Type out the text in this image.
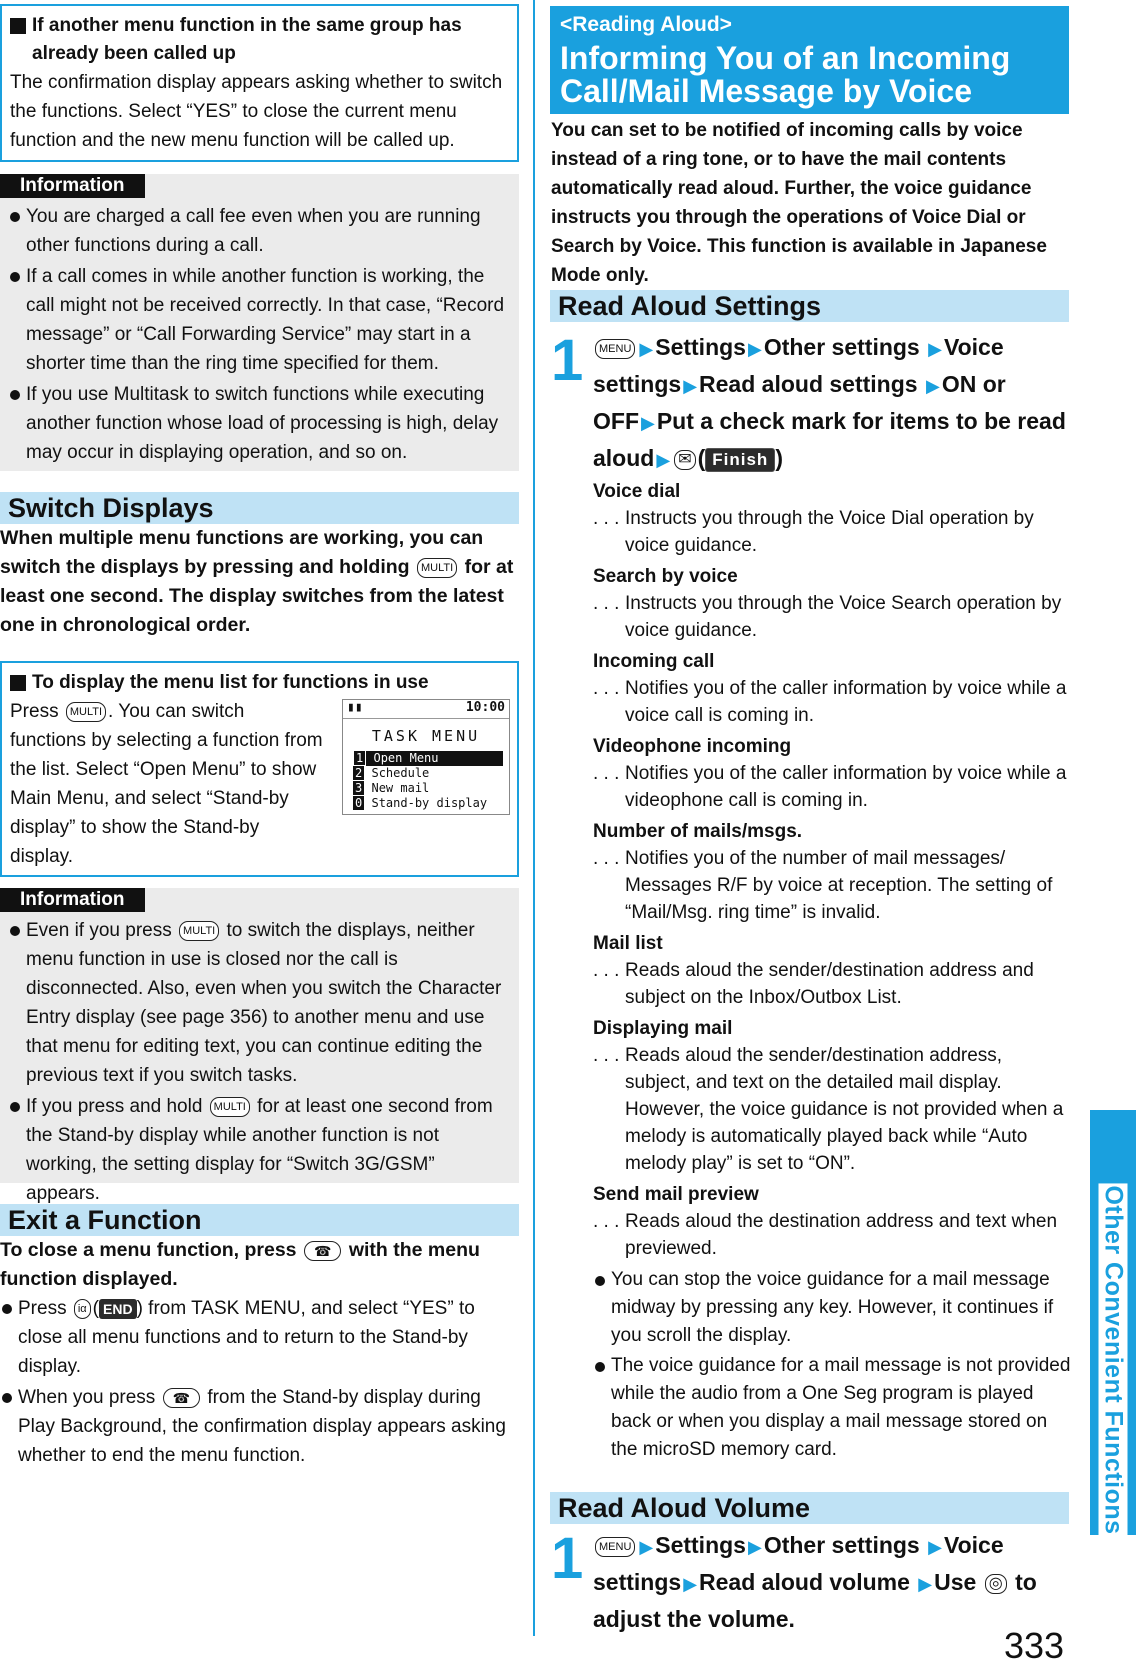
If another menu function in the same group has already been called up
The confirmation display appears asking whether to switch the functions. Select “YES” to close the current menu function and the new menu function will be called up.
Information
You are charged a call fee even when you are running other functions during a call.
If a call comes in while another function is working, the call might not be received correctly. In that case, “Record message” or “Call Forwarding Service” may start in a shorter time than the ring time specified for them.
If you use Multitask to switch functions while executing another function whose load of processing is high, delay may occur in displaying operation, and so on.
Switch Displays
When multiple menu functions are working, you can switch the displays by pressing and holding MULTI for at least one second. The display switches from the latest one in chronological order.
To display the menu list for functions in use
Press MULTI . You can switch functions by selecting a function from the list. Select “Open Menu” to show Main Menu, and select “Stand-by display” to show the Stand-by display.
▮▮	10:00
TASK MENU
1 Open Menu
2 Schedule
3 New mail
0 Stand-by display
Information
Even if you press MULTI to switch the displays, neither menu function in use is closed nor the call is disconnected. Also, even when you switch the Character Entry display (see page 356) to another menu and use that menu for editing text, you can continue editing the previous text if you switch tasks.
If you press and hold MULTI for at least one second from the Stand-by display while another function is not working, the setting display for “Switch 3G/GSM” appears.
Exit a Function
To close a menu function, press ☎ with the menu function displayed.
Press iα ( END ) from TASK MENU, and select “YES” to close all menu functions and to return to the Stand-by display.
When you press ☎ from the Stand-by display during Play Background, the confirmation display appears asking whether to end the menu function.
<Reading Aloud>
Informing You of an Incoming Call/Mail Message by Voice
You can set to be notified of incoming calls by voice instead of a ring tone, or to have the mail contents automatically read aloud. Further, the voice guidance instructs you through the operations of Voice Dial or Search by Voice. This function is available in Japanese Mode only.
Read Aloud Settings
1	MENU ▶Settings ▶Other settings ▶Voice settings ▶Read aloud settings ▶ON or OFF ▶Put a check mark for items to be read aloud ▶ ✉ ( Finish )
Voice dial
. . . Instructs you through the Voice Dial operation by voice guidance.
Search by voice
. . . Instructs you through the Voice Search operation by voice guidance.
Incoming call
. . . Notifies you of the caller information by voice while a voice call is coming in.
Videophone incoming
. . . Notifies you of the caller information by voice while a videophone call is coming in.
Number of mails/msgs.
. . . Notifies you of the number of mail messages/ Messages R/F by voice at reception. The setting of “Mail/Msg. ring time” is invalid.
Mail list
. . . Reads aloud the sender/destination address and subject on the Inbox/Outbox List.
Displaying mail
. . . Reads aloud the sender/destination address, subject, and text on the detailed mail display. However, the voice guidance is not provided when a melody is automatically played back while “Auto melody play” is set to “ON”.
Send mail preview
. . . Reads aloud the destination address and text when previewed.
You can stop the voice guidance for a mail message midway by pressing any key. However, it continues if you scroll the display.
The voice guidance for a mail message is not provided while the audio from a One Seg program is played back or when you display a mail message stored on the microSD memory card.
Read Aloud Volume
1	MENU ▶Settings ▶Other settings ▶Voice settings ▶Read aloud volume ▶Use ◎ to adjust the volume.
Other Convenient Functions
333
